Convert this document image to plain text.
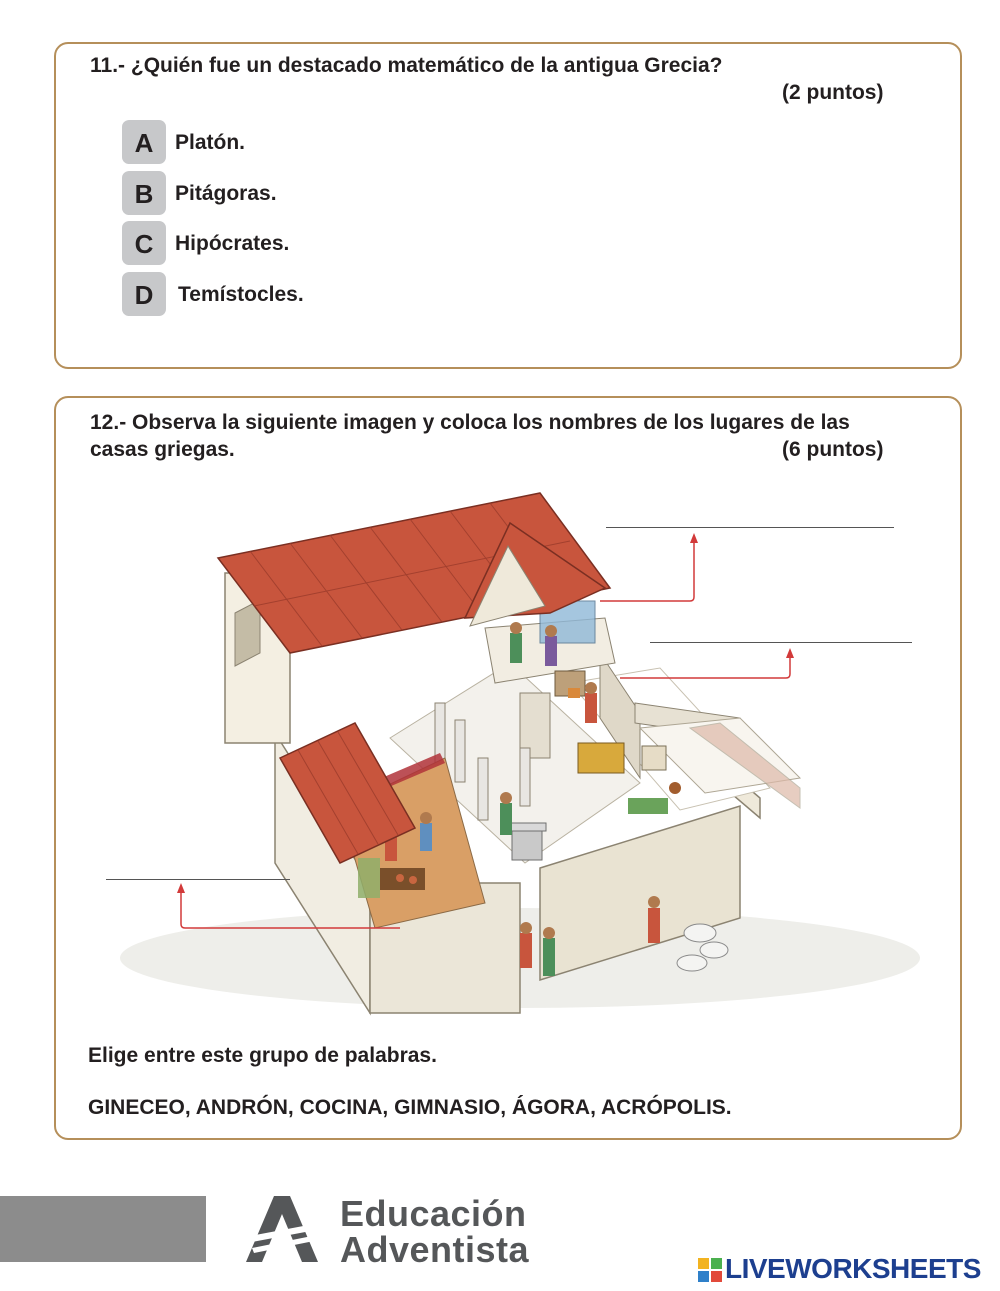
11.- ¿Quién fue un destacado matemático de la antigua Grecia?
(2 puntos)
A	Platón.
B	Pitágoras.
C	Hipócrates.
D	Temístocles.
12.- Observa la siguiente imagen y coloca los nombres de los lugares de las
casas griegas.	(6 puntos)
Elige entre este grupo de palabras.
GINECEO, ANDRÓN, COCINA, GIMNASIO, ÁGORA, ACRÓPOLIS.
Educación
Adventista	LIVEWORKSHEETS
